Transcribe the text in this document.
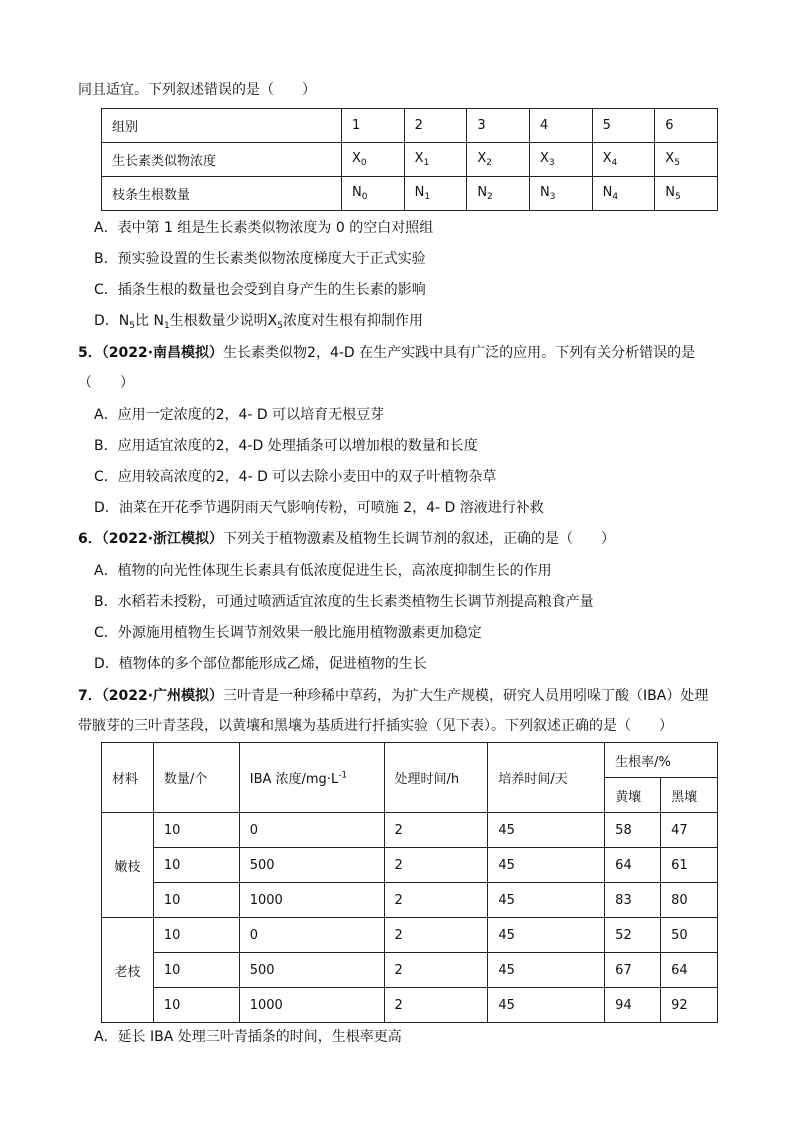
同且适宜。下列叙述错误的是（　　）
组别	1	2	3	4	5	6
生长素类似物浓度	$X_0$	$X_1$	$X_2$	$X_3$	$X_4$	$X_5$
枝条生根数量	$N_0$	$N_1$	$N_2$	$N_3$	$N_4$	$N_5$
A．表中第 1 组是生长素类似物浓度为 0 的空白对照组
B．预实验设置的生长素类似物浓度梯度大于正式实验
C．插条生根的数量也会受到自身产生的生长素的影响
D．$N_5$比 $N_1$生根数量少说明$X_5$浓度对生根有抑制作用
5．（2022·南昌模拟）生长素类似物2，4-D 在生产实践中具有广泛的应用。下列有关分析错误的是
（　　）
A．应用一定浓度的2，4- D 可以培育无根豆芽
B．应用适宜浓度的2，4-D 处理插条可以增加根的数量和长度
C．应用较高浓度的2，4- D 可以去除小麦田中的双子叶植物杂草
D．油菜在开花季节遇阴雨天气影响传粉，可喷施 2，4- D 溶液进行补救
6．（2022·浙江模拟）下列关于植物激素及植物生长调节剂的叙述，正确的是（　　）
A．植物的向光性体现生长素具有低浓度促进生长，高浓度抑制生长的作用
B．水稻若未授粉，可通过喷洒适宜浓度的生长素类植物生长调节剂提高粮食产量
C．外源施用植物生长调节剂效果一般比施用植物激素更加稳定
D．植物体的多个部位都能形成乙烯，促进植物的生长
7．（2022·广州模拟）三叶青是一种珍稀中草药，为扩大生产规模，研究人员用吲哚丁酸（IBA）处理
带腋芽的三叶青茎段，以黄壤和黑壤为基质进行扦插实验（见下表）。下列叙述正确的是（　　）
材料	数量/个	IBA 浓度$/mg\cdot L^{-1}$	处理时间/h	培养时间/天	生根率/%	
					黄壤	黑壤
嫩枝	10	0	2	45	58	47
	10	500	2	45	64	61
	10	1000	2	45	83	80
老枝	10	0	2	45	52	50
	10	500	2	45	67	64
	10	1000	2	45	94	92
A．延长 IBA 处理三叶青插条的时间，生根率更高
